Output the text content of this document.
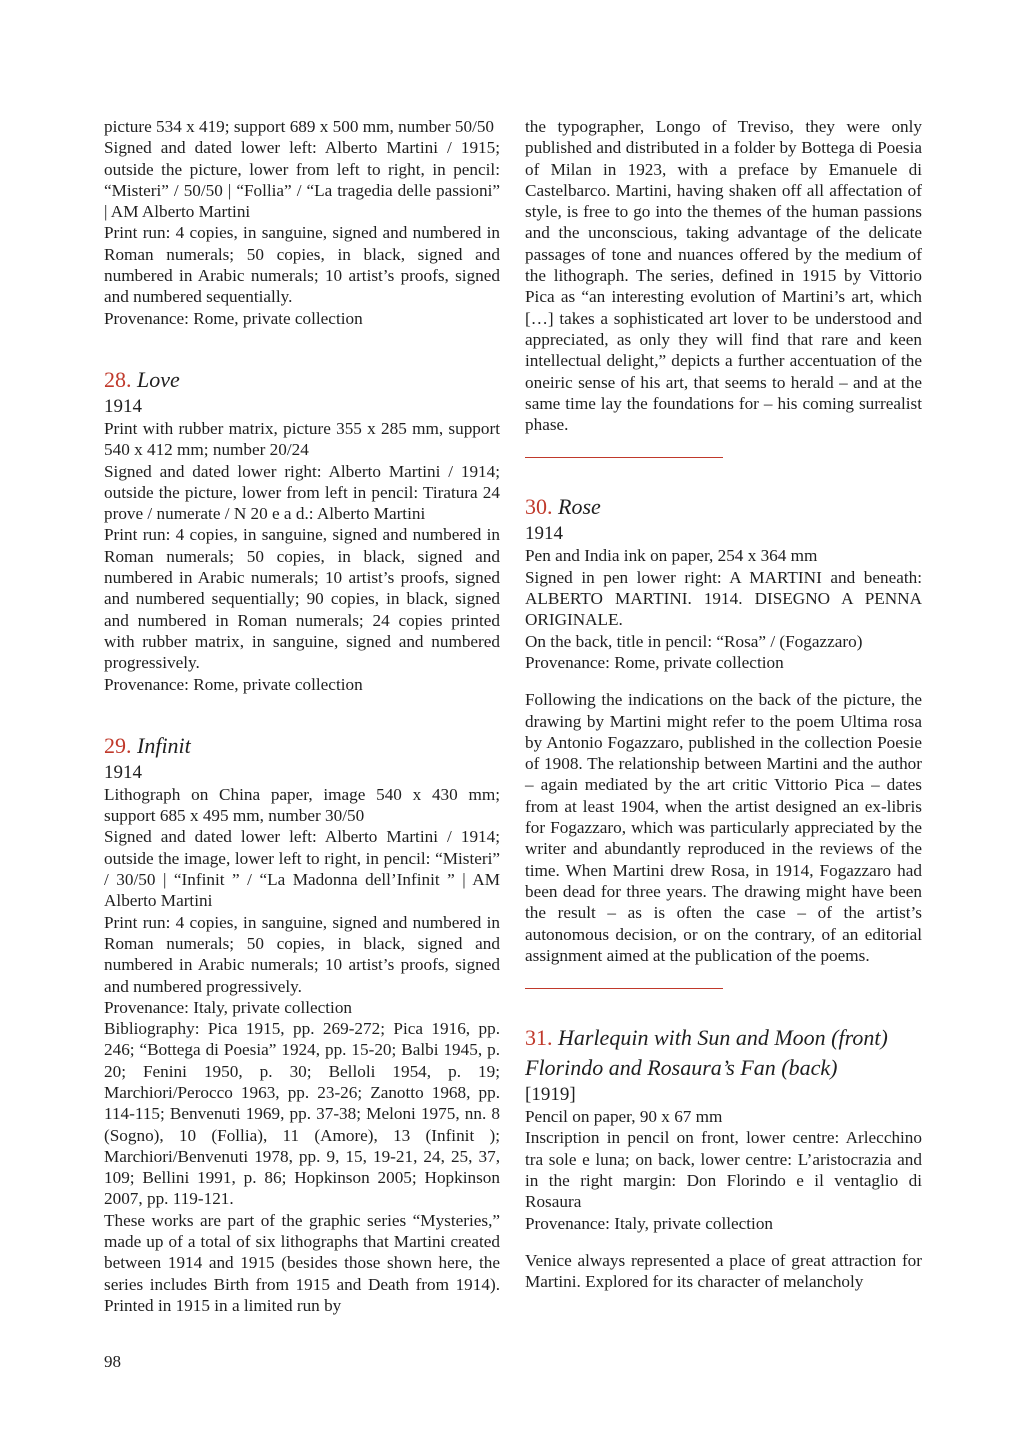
picture 534 x 419; support 689 x 500 mm, number 50/50

Signed and dated lower left: Alberto Martini / 1915; outside the picture, lower from left to right, in pencil: “Misteri” / 50/50 | “Follia” / “La tragedia delle passioni” | AM Alberto Martini

Print run: 4 copies, in sanguine, signed and numbered in Roman numerals; 50 copies, in black, signed and numbered in Arabic numerals; 10 artist’s proofs, signed and numbered sequentially.

Provenance: Rome, private collection

28. Love

1914

Print with rubber matrix, picture 355 x 285 mm, support 540 x 412 mm; number 20/24

Signed and dated lower right: Alberto Martini / 1914; outside the picture, lower from left in pencil: Tiratura 24 prove / numerate / N 20 e a d.: Alberto Martini

Print run: 4 copies, in sanguine, signed and numbered in Roman numerals; 50 copies, in black, signed and numbered in Arabic numerals; 10 artist’s proofs, signed and numbered sequentially; 90 copies, in black, signed and numbered in Roman numerals; 24 copies printed with rubber matrix, in sanguine, signed and numbered progressively.

Provenance: Rome, private collection

29. Infinit

1914

Lithograph on China paper, image 540 x 430 mm; support 685 x 495 mm, number 30/50

Signed and dated lower left: Alberto Martini / 1914; outside the image, lower left to right, in pencil: “Misteri” / 30/50 | “Infinit ” / “La Madonna dell’Infinit ” | AM Alberto Martini

Print run: 4 copies, in sanguine, signed and numbered in Roman numerals; 50 copies, in black, signed and numbered in Arabic numerals; 10 artist’s proofs, signed and numbered progressively.

Provenance: Italy, private collection

Bibliography: Pica 1915, pp. 269-272; Pica 1916, pp. 246; “Bottega di Poesia” 1924, pp. 15-20; Balbi 1945, p. 20; Fenini 1950, p. 30; Belloli 1954, p. 19; Marchiori/Perocco 1963, pp. 23-26; Zanotto 1968, pp. 114-115; Benvenuti 1969, pp. 37-38; Meloni 1975, nn. 8 (Sogno), 10 (Follia), 11 (Amore), 13 (Infinit ); Marchiori/Benvenuti 1978, pp. 9, 15, 19-21, 24, 25, 37, 109; Bellini 1991, p. 86; Hopkinson 2005; Hopkinson 2007, pp. 119-121.

These works are part of the graphic series “Mysteries,” made up of a total of six lithographs that Martini created between 1914 and 1915 (besides those shown here, the series includes Birth from 1915 and Death from 1914). Printed in 1915 in a limited run by

the typographer, Longo of Treviso, they were only published and distributed in a folder by Bottega di Poesia of Milan in 1923, with a preface by Emanuele di Castelbarco. Martini, having shaken off all affectation of style, is free to go into the themes of the human passions and the unconscious, taking advantage of the delicate passages of tone and nuances offered by the medium of the lithograph. The series, defined in 1915 by Vittorio Pica as “an interesting evolution of Martini’s art, which […] takes a sophisticated art lover to be understood and appreciated, as only they will find that rare and keen intellectual delight,” depicts a further accentuation of the oneiric sense of his art, that seems to herald – and at the same time lay the foundations for – his coming surrealist phase.

30. Rose

1914

Pen and India ink on paper, 254 x 364 mm

Signed in pen lower right: A MARTINI and beneath: ALBERTO MARTINI. 1914. DISEGNO A PENNA ORIGINALE.

On the back, title in pencil: “Rosa” / (Fogazzaro)

Provenance: Rome, private collection

Following the indications on the back of the picture, the drawing by Martini might refer to the poem Ultima rosa by Antonio Fogazzaro, published in the collection Poesie of 1908. The relationship between Martini and the author – again mediated by the art critic Vittorio Pica – dates from at least 1904, when the artist designed an ex-libris for Fogazzaro, which was particularly appreciated by the writer and abundantly reproduced in the reviews of the time. When Martini drew Rosa, in 1914, Fogazzaro had been dead for three years. The drawing might have been the result – as is often the case – of the artist’s autonomous decision, or on the contrary, of an editorial assignment aimed at the publication of the poems.

31. Harlequin with Sun and Moon (front)
Florindo and Rosaura’s Fan (back)

[1919]

Pencil on paper, 90 x 67 mm

Inscription in pencil on front, lower centre: Arlecchino tra sole e luna; on back, lower centre: L’aristocrazia and in the right margin: Don Florindo e il ventaglio di Rosaura

Provenance: Italy, private collection

Venice always represented a place of great attraction for Martini. Explored for its character of melancholy

98
